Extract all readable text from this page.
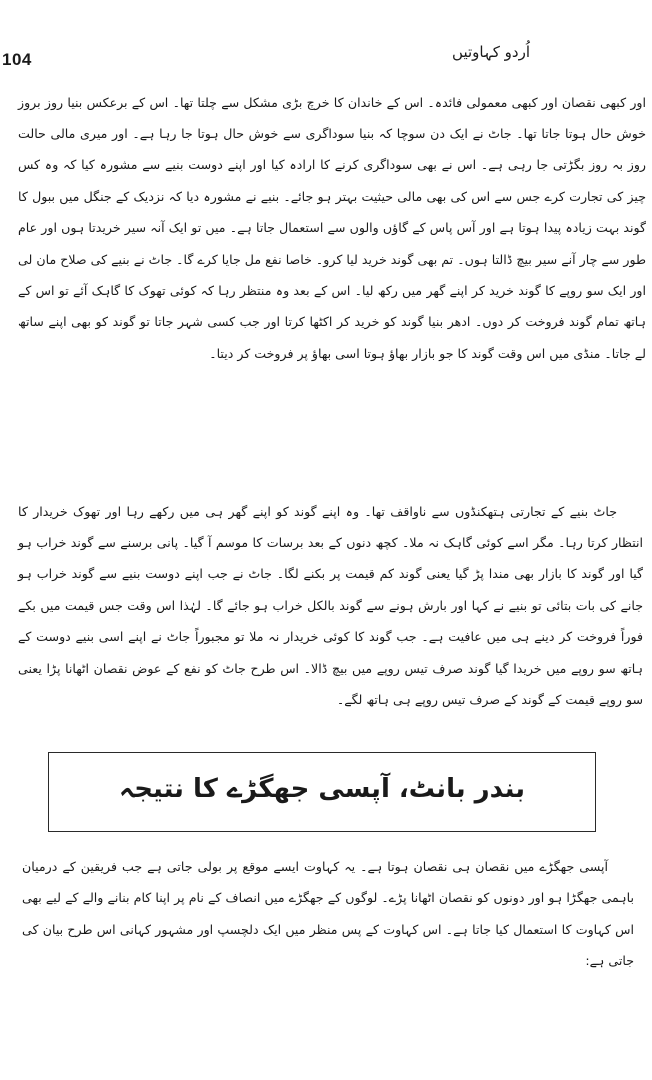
104	اُردو کہاوتیں

اور کبھی نقصان اور کبھی معمولی فائدہ۔ اس کے خاندان کا خرچ بڑی مشکل سے چلتا تھا۔ اس کے برعکس بنیا روز بروز خوش حال ہوتا جاتا تھا۔ جاٹ نے ایک دن سوچا کہ بنیا سوداگری سے خوش حال ہوتا جا رہا ہے۔ اور میری مالی حالت روز بہ روز بگڑتی جا رہی ہے۔ اس نے بھی سوداگری کرنے کا ارادہ کیا اور اپنے دوست بنیے سے مشورہ کیا کہ وہ کس چیز کی تجارت کرے جس سے اس کی بھی مالی حیثیت بہتر ہو جائے۔ بنیے نے مشورہ دیا کہ نزدیک کے جنگل میں ببول کا گوند بہت زیادہ پیدا ہوتا ہے اور آس پاس کے گاؤں والوں سے استعمال جاتا ہے۔ میں تو ایک آنہ سیر خریدتا ہوں اور عام طور سے چار آنے سیر بیچ ڈالتا ہوں۔ تم بھی گوند خرید لیا کرو۔ خاصا نفع مل جایا کرے گا۔ جاٹ نے بنیے کی صلاح مان لی اور ایک سو روپے کا گوند خرید کر اپنے گھر میں رکھ لیا۔ اس کے بعد وہ منتظر رہا کہ کوئی تھوک کا گاہک آئے تو اس کے ہاتھ تمام گوند فروخت کر دوں۔ ادھر بنیا گوند کو خرید کر اکٹھا کرتا اور جب کسی شہر جاتا تو گوند کو بھی اپنے ساتھ لے جاتا۔ منڈی میں اس وقت گوند کا جو بازار بھاؤ ہوتا اسی بھاؤ پر فروخت کر دیتا۔

جاٹ بنیے کے تجارتی ہتھکنڈوں سے ناواقف تھا۔ وہ اپنے گوند کو اپنے گھر ہی میں رکھے رہا اور تھوک خریدار کا انتظار کرتا رہا۔ مگر اسے کوئی گاہک نہ ملا۔ کچھ دنوں کے بعد برسات کا موسم آ گیا۔ پانی برسنے سے گوند خراب ہو گیا اور گوند کا بازار بھی مندا پڑ گیا یعنی گوند کم قیمت پر بکنے لگا۔ جاٹ نے جب اپنے دوست بنیے سے گوند خراب ہو جانے کی بات بتائی تو بنیے نے کہا اور بارش ہونے سے گوند بالکل خراب ہو جائے گا۔ لہٰذا اس وقت جس قیمت میں بکے فوراً فروخت کر دینے ہی میں عافیت ہے۔ جب گوند کا کوئی خریدار نہ ملا تو مجبوراً جاٹ نے اپنے اسی بنیے دوست کے ہاتھ سو روپے میں خریدا گیا گوند صرف تیس روپے میں بیچ ڈالا۔ اس طرح جاٹ کو نفع کے عوض نقصان اٹھانا پڑا یعنی سو روپے قیمت کے گوند کے صرف تیس روپے ہی ہاتھ لگے۔

بندر بانٹ، آپسی جھگڑے کا نتیجہ

آپسی جھگڑے میں نقصان ہی نقصان ہوتا ہے۔ یہ کہاوت ایسے موقع پر بولی جاتی ہے جب فریقین کے درمیان باہمی جھگڑا ہو اور دونوں کو نقصان اٹھانا پڑے۔ لوگوں کے جھگڑے میں انصاف کے نام پر اپنا کام بنانے والے کے لیے بھی اس کہاوت کا استعمال کیا جاتا ہے۔ اس کہاوت کے پس منظر میں ایک دلچسپ اور مشہور کہانی اس طرح بیان کی جاتی ہے:
